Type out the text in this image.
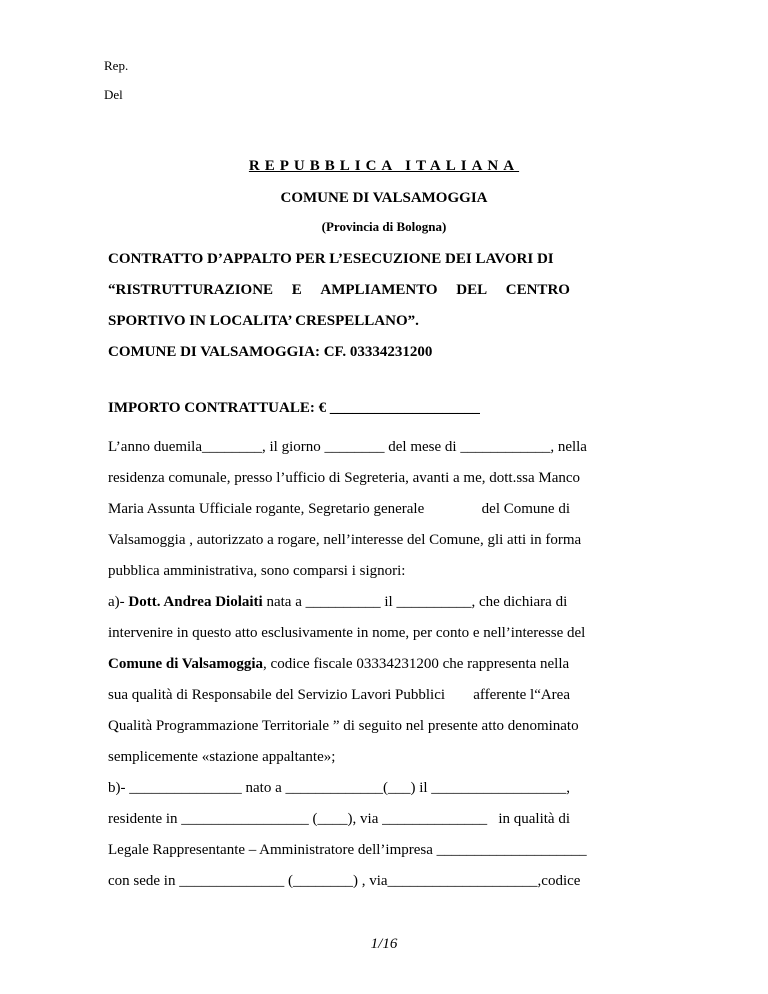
Rep.
Del
REPUBBLICA ITALIANA
COMUNE DI VALSAMOGGIA
(Provincia di Bologna)
CONTRATTO D’APPALTO PER L’ESECUZIONE DEI LAVORI DI
“RISTRUTTURAZIONE E AMPLIAMENTO DEL CENTRO
SPORTIVO IN LOCALITA’ CRESPELLANO”.
COMUNE DI VALSAMOGGIA: CF. 03334231200
IMPORTO CONTRATTUALE: € ____________________
L’anno duemila________, il giorno ________ del mese di ____________, nella
residenza comunale, presso l’ufficio di Segreteria, avanti a me, dott.ssa Manco
Maria Assunta Ufficiale rogante, Segretario generale	del Comune di
Valsamoggia , autorizzato a rogare, nell’interesse del Comune, gli atti in forma
pubblica amministrativa, sono comparsi i signori:
a)- Dott. Andrea Diolaiti nata a __________ il __________, che dichiara di
intervenire in questo atto esclusivamente in nome, per conto e nell’interesse del
Comune di Valsamoggia, codice fiscale 03334231200 che rappresenta nella
sua qualità di Responsabile del Servizio Lavori Pubblici afferente l“Area
Qualità Programmazione Territoriale ” di seguito nel presente atto denominato
semplicemente «stazione appaltante»;
b)- _______________ nato a _____________(___) il __________________,
residente in _________________ (____), via ______________ in qualità di
Legale Rappresentante – Amministratore dell’impresa ____________________
con sede in ______________ (________) , via ____________________,codice
1/16
